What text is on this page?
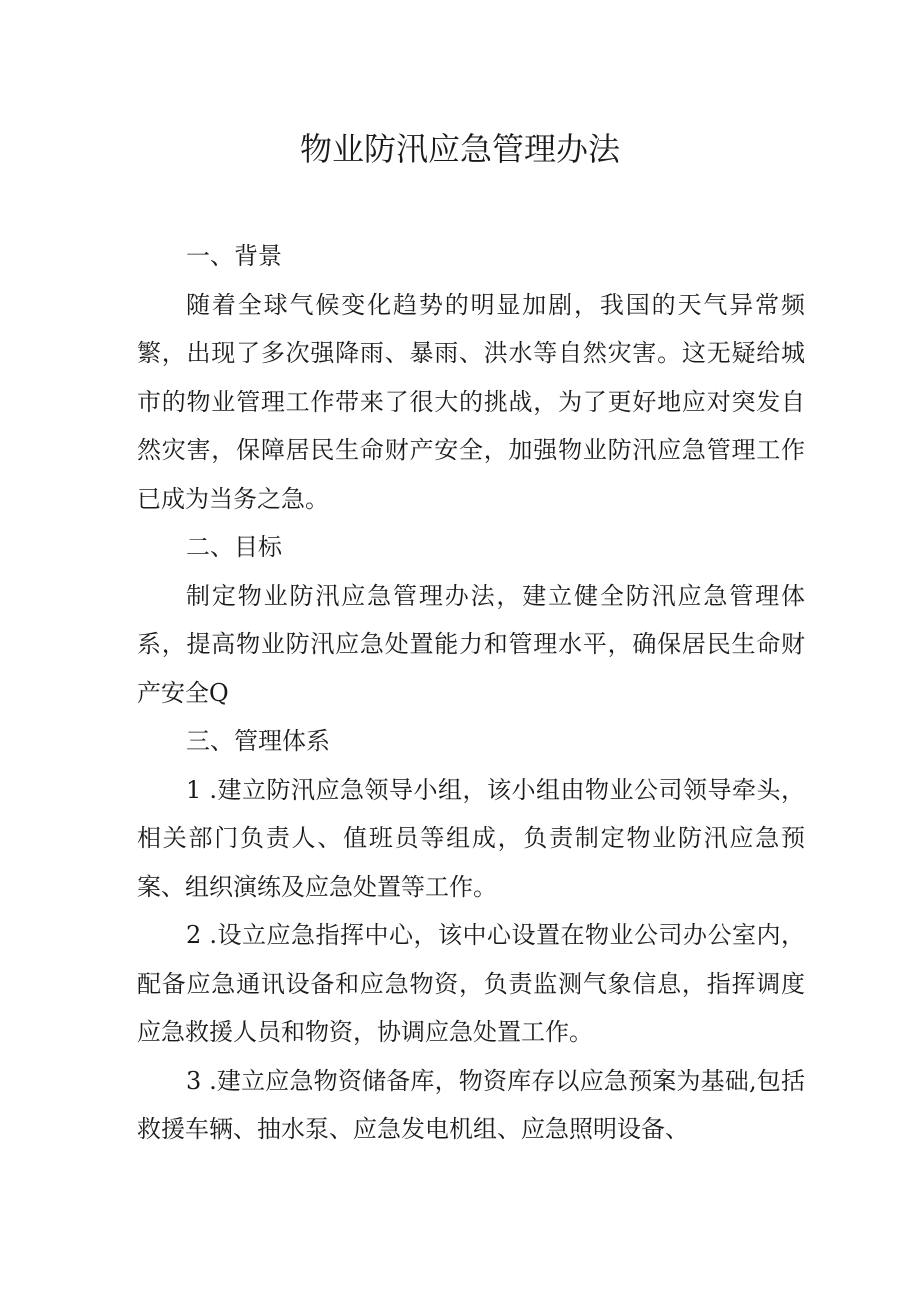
物业防汛应急管理办法

一、背景

随着全球气候变化趋势的明显加剧，我国的天气异常频繁，出现了多次强降雨、暴雨、洪水等自然灾害。这无疑给城市的物业管理工作带来了很大的挑战，为了更好地应对突发自然灾害，保障居民生命财产安全，加强物业防汛应急管理工作已成为当务之急。

二、目标

制定物业防汛应急管理办法，建立健全防汛应急管理体系，提高物业防汛应急处置能力和管理水平，确保居民生命财产安全Q

三、管理体系

1 .建立防汛应急领导小组，该小组由物业公司领导牵头，相关部门负责人、值班员等组成，负责制定物业防汛应急预案、组织演练及应急处置等工作。

2 .设立应急指挥中心，该中心设置在物业公司办公室内，配备应急通讯设备和应急物资，负责监测气象信息，指挥调度应急救援人员和物资，协调应急处置工作。

3 .建立应急物资储备库，物资库存以应急预案为基础,包括救援车辆、抽水泵、应急发电机组、应急照明设备、
